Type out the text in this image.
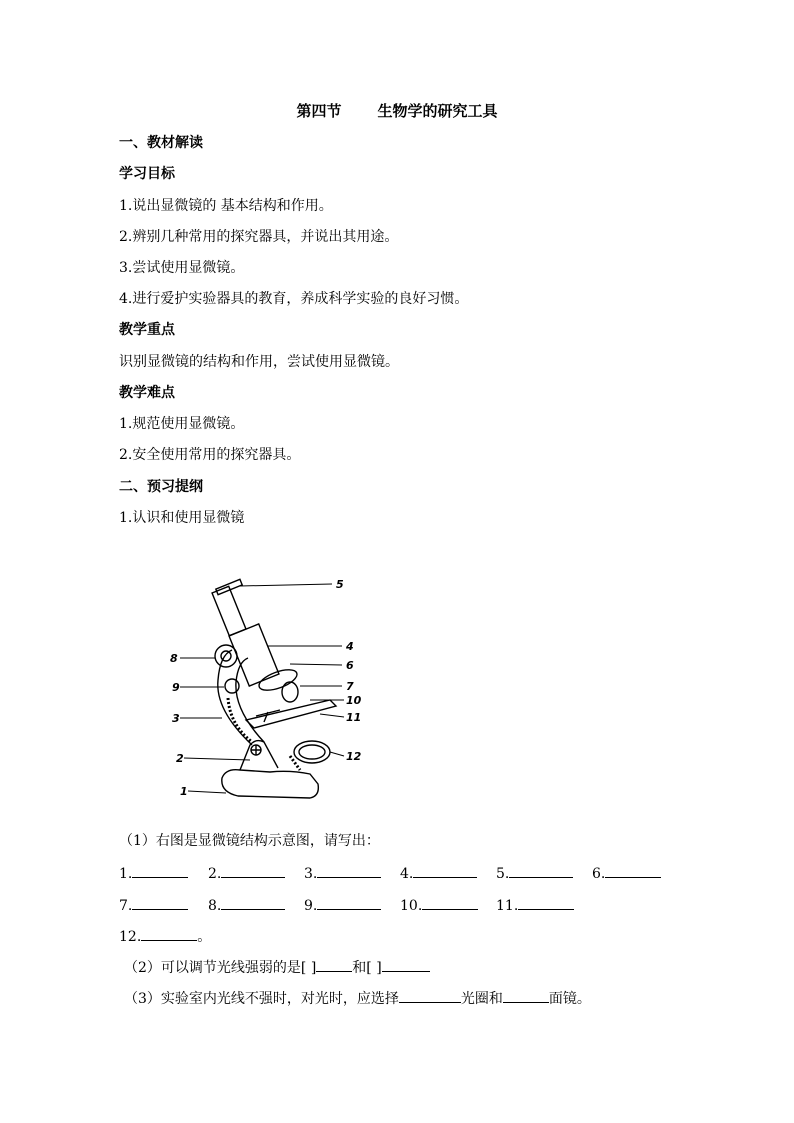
第四节 生物学的研究工具
一、教材解读
学习目标
1.说出显微镜的 基本结构和作用。
2.辨别几种常用的探究器具，并说出其用途。
3.尝试使用显微镜。
4.进行爱护实验器具的教育，养成科学实验的良好习惯。
教学重点
识别显微镜的结构和作用，尝试使用显微镜。
教学难点
1.规范使用显微镜。
2.安全使用常用的探究器具。
二、预习提纲
1.认识和使用显微镜
5
4
6
7
10
11
12
8
9
3
2
1
（1）右图是显微镜结构示意图，请写出：
1.	2.	3.	4.	5.	6.
7.	8.	9.	10.	11.
12.	。
（2）可以调节光线强弱的是[ ]	和[ ]
（3）实验室内光线不强时，对光时，应选择	光圈和	面镜。
